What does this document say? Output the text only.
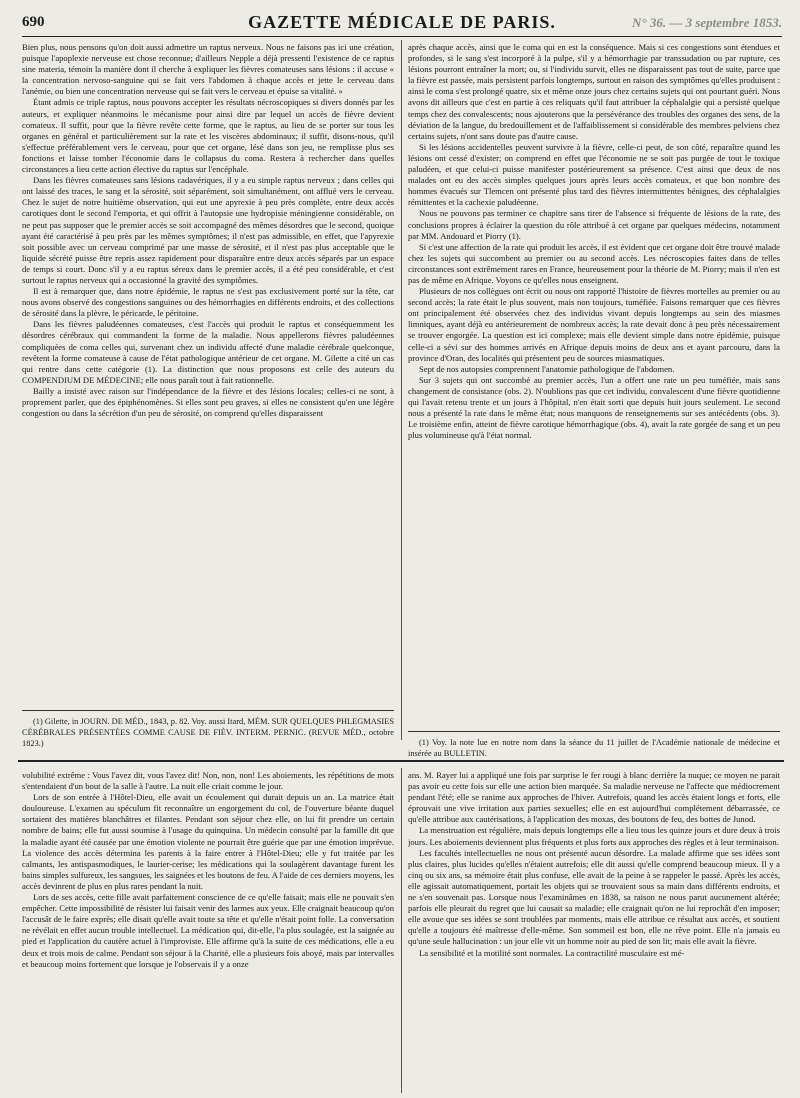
690	GAZETTE MÉDICALE DE PARIS.	N° 36. — 3 septembre 1853.

Bien plus, nous pensons qu'on doit aussi admettre un raptus nerveux. Nous ne faisons pas ici une création, puisque l'apoplexie nerveuse est chose reconnue; d'ailleurs Nepple a déjà pressenti l'existence de ce raptus sine materia, témoin la manière dont il cherche à expliquer les fièvres comateuses sans lésions : il accuse « la concentration nervoso-sanguine qui se fait vers l'abdomen à chaque accès et jette le cerveau dans l'anémie, ou bien une concentration nerveuse qui se fait vers le cerveau et épuise sa vitalité. »

Étant admis ce triple raptus, nous pouvons accepter les résultats nécroscopiques si divers donnés par les auteurs, et expliquer néanmoins le mécanisme pour ainsi dire par lequel un accès de fièvre devient comateux. Il suffit, pour que la fièvre revête cette forme, que le raptus, au lieu de se porter sur tous les organes en général et particulièrement sur la rate et les viscères abdominaux; il suffit, disons-nous, qu'il s'effectue préférablement vers le cerveau, pour que cet organe, lésé dans son jeu, ne remplisse plus ses fonctions et laisse tomber l'économie dans le collapsus du coma. Restera à rechercher dans quelles circonstances a lieu cette action élective du raptus sur l'encéphale.

Dans les fièvres comateuses sans lésions cadavériques, il y a eu simple raptus nerveux ; dans celles qui ont laissé des traces, le sang et la sérosité, soit séparément, soit simultanément, ont afflué vers le cerveau. Chez le sujet de notre huitième observation, qui eut une apyrexie à peu près complète, entre deux accès carotiques dont le second l'emporta, et qui offrit à l'autopsie une hydropisie méningienne considérable, on ne peut pas supposer que le premier accès se soit accompagné des mêmes désordres que le second, quoique ayant été caractérisé à peu près par les mêmes symptômes; il n'est pas admissible, en effet, que l'apyrexie soit possible avec un cerveau comprimé par une masse de sérosité, et il n'est pas plus acceptable que le liquide sécrété puisse être repris assez rapidement pour disparaître entre deux accès séparés par un espace de temps si court. Donc s'il y a eu raptus séreux dans le premier accès, il a été peu considérable, et c'est surtout le raptus nerveux qui a occasionné la gravité des symptômes.

Il est à remarquer que, dans notre épidémie, le raptus ne s'est pas exclusivement porté sur la tête, car nous avons observé des congestions sanguines ou des hémorrhagies en différents endroits, et des collections de sérosité dans la plèvre, le péricarde, le péritoine.

Dans les fièvres paludéennes comateuses, c'est l'accès qui produit le raptus et conséquemment les désordres cérébraux qui commandent la forme de la maladie. Nous appellerons fièvres paludéennes compliquées de coma celles qui, survenant chez un individu affecté d'une maladie cérébrale quelconque, revêtent la forme comateuse à cause de l'état pathologique antérieur de cet organe. M. Gilette a cité un cas qui rentre dans cette catégorie (1). La distinction que nous proposons est celle des auteurs du COMPENDIUM DE MÉDECINE; elle nous paraît tout à fait rationnelle.

Bailly a insisté avec raison sur l'indépendance de la fièvre et des lésions locales; celles-ci ne sont, à proprement parler, que des épiphénomènes. Si elles sont peu graves, si elles ne consistent qu'en une légère congestion ou dans la sécrétion d'un peu de sérosité, on comprend qu'elles disparaissent

après chaque accès, ainsi que le coma qui en est la conséquence. Mais si ces congestions sont étendues et profondes, si le sang s'est incorporé à la pulpe, s'il y a hémorrhagie par transsudation ou par rupture, ces lésions pourront entraîner la mort; ou, si l'individu survit, elles ne disparaissent pas tout de suite, parce que la fièvre est passée, mais persistent parfois longtemps, surtout en raison des symptômes qu'elles produisent : ainsi le coma s'est prolongé quatre, six et même onze jours chez certains sujets qui ont pourtant guéri. Nous avons dit ailleurs que c'est en partie à ces reliquats qu'il faut attribuer la céphalalgie qui a persisté quelque temps chez des convalescents; nous ajouterons que la persévérance des troubles des organes des sens, de la déviation de la langue, du bredouillement et de l'affaiblissement si considérable des membres pelviens chez certains sujets, n'ont sans doute pas d'autre cause.

Si les lésions accidentelles peuvent survivre à la fièvre, celle-ci peut, de son côté, reparaître quand les lésions ont cessé d'exister; on comprend en effet que l'économie ne se soit pas purgée de tout le toxique paludéen, et que celui-ci puisse manifester postérieurement sa présence. C'est ainsi que deux de nos malades ont eu des accès simples quelques jours après leurs accès comateux, et que bon nombre des hommes évacués sur Tlemcen ont présenté plus tard des fièvres intermittentes bénignes, des céphalalgies rémittentes et la cachexie paludéenne.

Nous ne pouvons pas terminer ce chapitre sans tirer de l'absence si fréquente de lésions de la rate, des conclusions propres à éclairer la question du rôle attribué à cet organe par quelques médecins, notamment par MM. Andouard et Piorry (1).

Si c'est une affection de la rate qui produit les accès, il est évident que cet organe doit être trouvé malade chez les sujets qui succombent au premier ou au second accès. Les nécroscopies faites dans de telles circonstances sont extrêmement rares en France, heureusement pour la théorie de M. Piorry; mais il n'en est pas de même en Afrique. Voyons ce qu'elles nous enseignent.

Plusieurs de nos collègues ont écrit ou nous ont rapporté l'histoire de fièvres mortelles au premier ou au second accès; la rate était le plus souvent, mais non toujours, tuméfiée. Faisons remarquer que ces fièvres ont principalement été observées chez des individus vivant depuis longtemps au sein des miasmes limniques, ayant déjà eu antérieurement de nombreux accès; la rate devait donc à peu près nécessairement se trouver engorgée. La question est ici complexe; mais elle devient simple dans notre épidémie, puisque celle-ci a sévi sur des hommes arrivés en Afrique depuis moins de deux ans et ayant parcouru, dans la province d'Oran, des localités qui présentent peu de sources miasmatiques.

Sept de nos autopsies comprennent l'anatomie pathologique de l'abdomen.

Sur 3 sujets qui ont succombé au premier accès, l'un a offert une rate un peu tuméfiée, mais sans changement de consistance (obs. 2). N'oublions pas que cet individu, convalescent d'une fièvre quotidienne qui l'avait retenu trente et un jours à l'hôpital, n'en était sorti que depuis huit jours seulement. Le second nous a présenté la rate dans le même état; nous manquons de renseignements sur ses antécédents (obs. 3). Le troisième enfin, atteint de fièvre carotique hémorrhagique (obs. 4), avait la rate gorgée de sang et un peu plus volumineuse qu'à l'état normal.

(1) Gilette, in JOURN. DE MÉD., 1843, p. 82. Voy. aussi Itard, MÉM. SUR QUELQUES PHLEGMASIES CÉRÉBRALES PRÉSENTÉES COMME CAUSE DE FIÈV. INTERM. PERNIC. (REVUE MÉD., octobre 1823.)	(1) Voy. la note lue en notre nom dans la séance du 11 juillet de l'Académie nationale de médecine et insérée au BULLETIN.

volubilité extrême : Vous l'avez dit, vous l'avez dit! Non, non, non! Les aboiements, les répétitions de mots s'entendaient d'un bout de la salle à l'autre. La nuit elle criait comme le jour.

Lors de son entrée à l'Hôtel-Dieu, elle avait un écoulement qui durait depuis un an. La matrice était douloureuse. L'examen au spéculum fit reconnaître un engorgement du col, de l'ouverture béante duquel sortaient des matières blanchâtres et filantes. Pendant son séjour chez elle, on lui fit prendre un certain nombre de bains; elle fut aussi soumise à l'usage du quinquina. Un médecin consulté par la famille dit que la maladie ayant été causée par une émotion violente ne pourrait être guérie que par une émotion imprévue. La violence des accès détermina les parents à la faire entrer à l'Hôtel-Dieu; elle y fut traitée par les calmants, les antispasmodiques, le laurier-cerise; les médications qui la soulagèrent davantage furent les bains simples sulfureux, les sangsues, les saignées et les boutons de feu. A l'aide de ces derniers moyens, les accès devinrent de plus en plus rares pendant la nuit.

Lors de ses accès, cette fille avait parfaitement conscience de ce qu'elle faisait; mais elle ne pouvait s'en empêcher. Cette impossibilité de résister lui faisait venir des larmes aux yeux. Elle craignait beaucoup qu'on l'accusât de le faire exprès; elle disait qu'elle avait toute sa tête et qu'elle n'était point folle. La conversation ne révélait en effet aucun trouble intellectuel. La médication qui, dit-elle, l'a plus soulagée, est la saignée au pied et l'application du cautère actuel à l'improviste. Elle affirme qu'à la suite de ces médications, elle a eu deux et trois mois de calme. Pendant son séjour à la Charité, elle a plusieurs fois aboyé, mais par intervalles et beaucoup moins fortement que lorsque je l'observais il y a onze

ans. M. Rayer lui a appliqué une fois par surprise le fer rougi à blanc derrière la nuque; ce moyen ne parait pas avoir eu cette fois sur elle une action bien marquée. Sa maladie nerveuse ne l'affecte que médiocrement pendant l'été; elle se ranime aux approches de l'hiver. Autrefois, quand les accès étaient longs et forts, elle éprouvait une vive irritation aux parties sexuelles; elle en est aujourd'hui complétement débarrassée, ce qu'elle attribue aux cautérisations, à l'application des moxas, des boutons de feu, des bottes de Junod.

La menstruation est régulière, mais depuis longtemps elle a lieu tous les quinze jours et dure deux à trois jours. Les aboiements deviennent plus fréquents et plus forts aux approches des règles et à leur terminaison.

Les facultés intellectuelles ne nous ont présenté aucun désordre. La malade affirme que ses idées sont plus claires, plus lucides qu'elles n'étaient autrefois; elle dit aussi qu'elle comprend beaucoup mieux. Il y a cinq ou six ans, sa mémoire était plus confuse, elle avait de la peine à se rappeler le passé. Après les accès, elle agissait automatiquement, portait les objets qui se trouvaient sous sa main dans différents endroits, et ne s'en souvenait pas. Lorsque nous l'examinâmes en 1838, sa raison ne nous parut aucunement altérée; parfois elle pleurait du regret que lui causait sa maladie; elle craignait qu'on ne lui reprochât d'en imposer; elle avoue que ses idées se sont troublées par moments, mais elle attribue ce résultat aux accès, et soutient qu'elle a toujours été maîtresse d'elle-même. Son sommeil est bon, elle ne rêve point. Elle n'a jamais eu qu'une seule hallucination : un jour elle vit un homme noir au pied de son lit; mais elle avait la fièvre.

La sensibilité et la motilité sont normales. La contractilité musculaire est mé-
